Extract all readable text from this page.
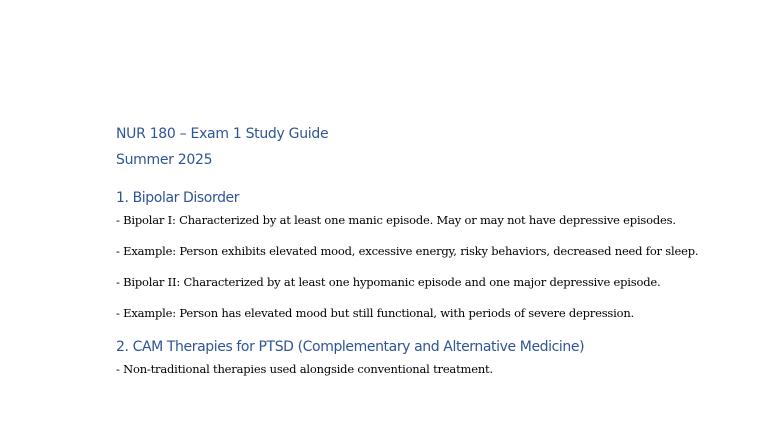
NUR 180 – Exam 1 Study Guide

Summer 2025

1. Bipolar Disorder

- Bipolar I: Characterized by at least one manic episode. May or may not have depressive episodes.

- Example: Person exhibits elevated mood, excessive energy, risky behaviors, decreased need for sleep.

- Bipolar II: Characterized by at least one hypomanic episode and one major depressive episode.

- Example: Person has elevated mood but still functional, with periods of severe depression.

2. CAM Therapies for PTSD (Complementary and Alternative Medicine)

- Non-traditional therapies used alongside conventional treatment.
